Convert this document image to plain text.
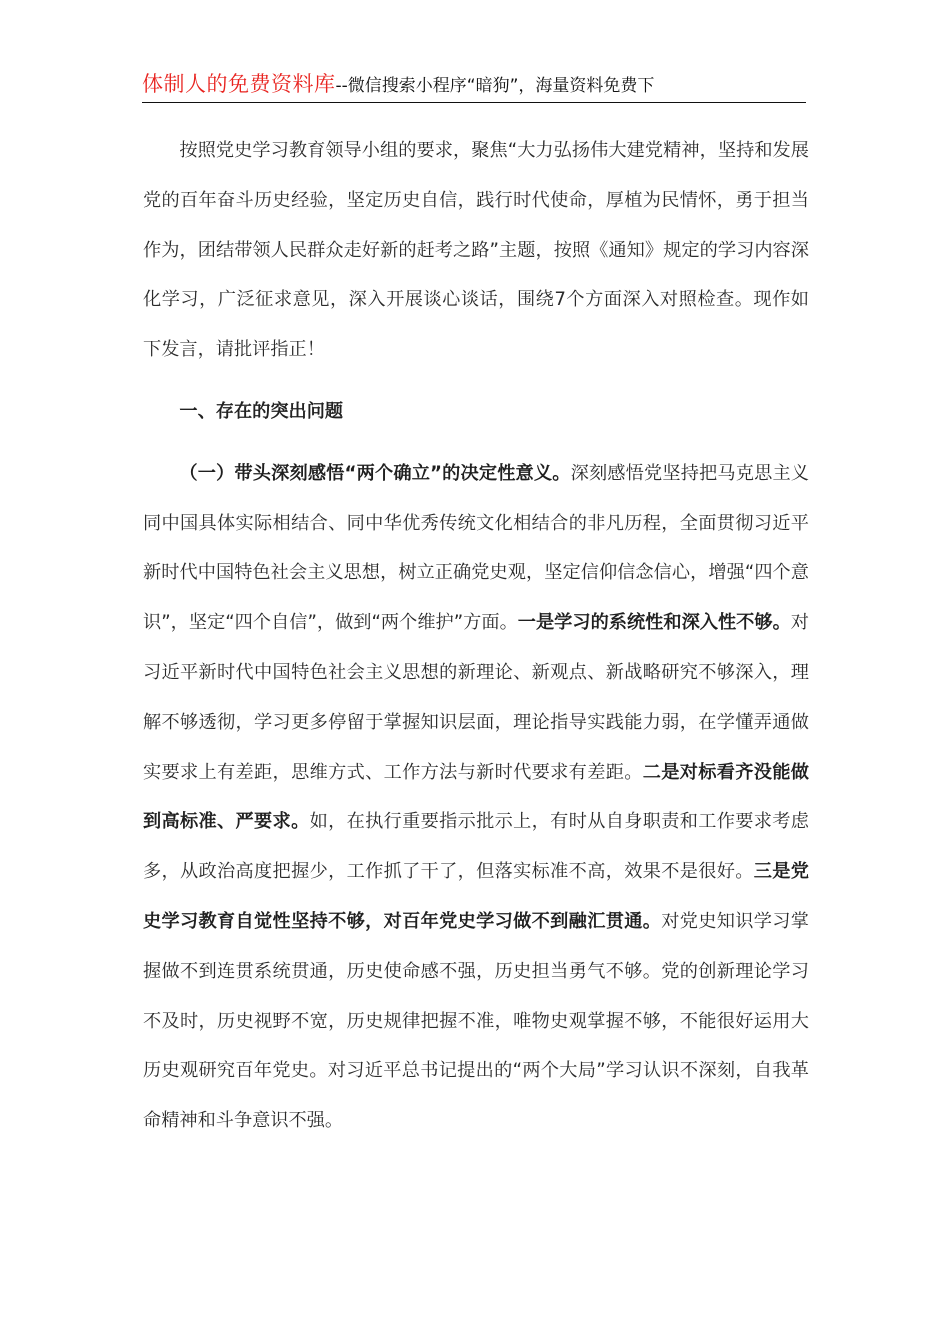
体制人的免费资料库--微信搜索小程序“暗狗”，海量资料免费下

按照党史学习教育领导小组的要求，聚焦“大力弘扬伟大建党精神，坚持和发展党的百年奋斗历史经验，坚定历史自信，践行时代使命，厚植为民情怀，勇于担当作为，团结带领人民群众走好新的赶考之路”主题，按照《通知》规定的学习内容深化学习，广泛征求意见，深入开展谈心谈话，围绕7个方面深入对照检查。现作如下发言，请批评指正！

一、存在的突出问题

（一）带头深刻感悟“两个确立”的决定性意义。深刻感悟党坚持把马克思主义同中国具体实际相结合、同中华优秀传统文化相结合的非凡历程，全面贯彻习近平新时代中国特色社会主义思想，树立正确党史观，坚定信仰信念信心，增强“四个意识”，坚定“四个自信”，做到“两个维护”方面。一是学习的系统性和深入性不够。对习近平新时代中国特色社会主义思想的新理论、新观点、新战略研究不够深入，理解不够透彻，学习更多停留于掌握知识层面，理论指导实践能力弱，在学懂弄通做实要求上有差距，思维方式、工作方法与新时代要求有差距。二是对标看齐没能做到高标准、严要求。如，在执行重要指示批示上，有时从自身职责和工作要求考虑多，从政治高度把握少，工作抓了干了，但落实标准不高，效果不是很好。三是党史学习教育自觉性坚持不够，对百年党史学习做不到融汇贯通。对党史知识学习掌握做不到连贯系统贯通，历史使命感不强，历史担当勇气不够。党的创新理论学习不及时，历史视野不宽，历史规律把握不准，唯物史观掌握不够，不能很好运用大历史观研究百年党史。对习近平总书记提出的“两个大局”学习认识不深刻，自我革命精神和斗争意识不强。
